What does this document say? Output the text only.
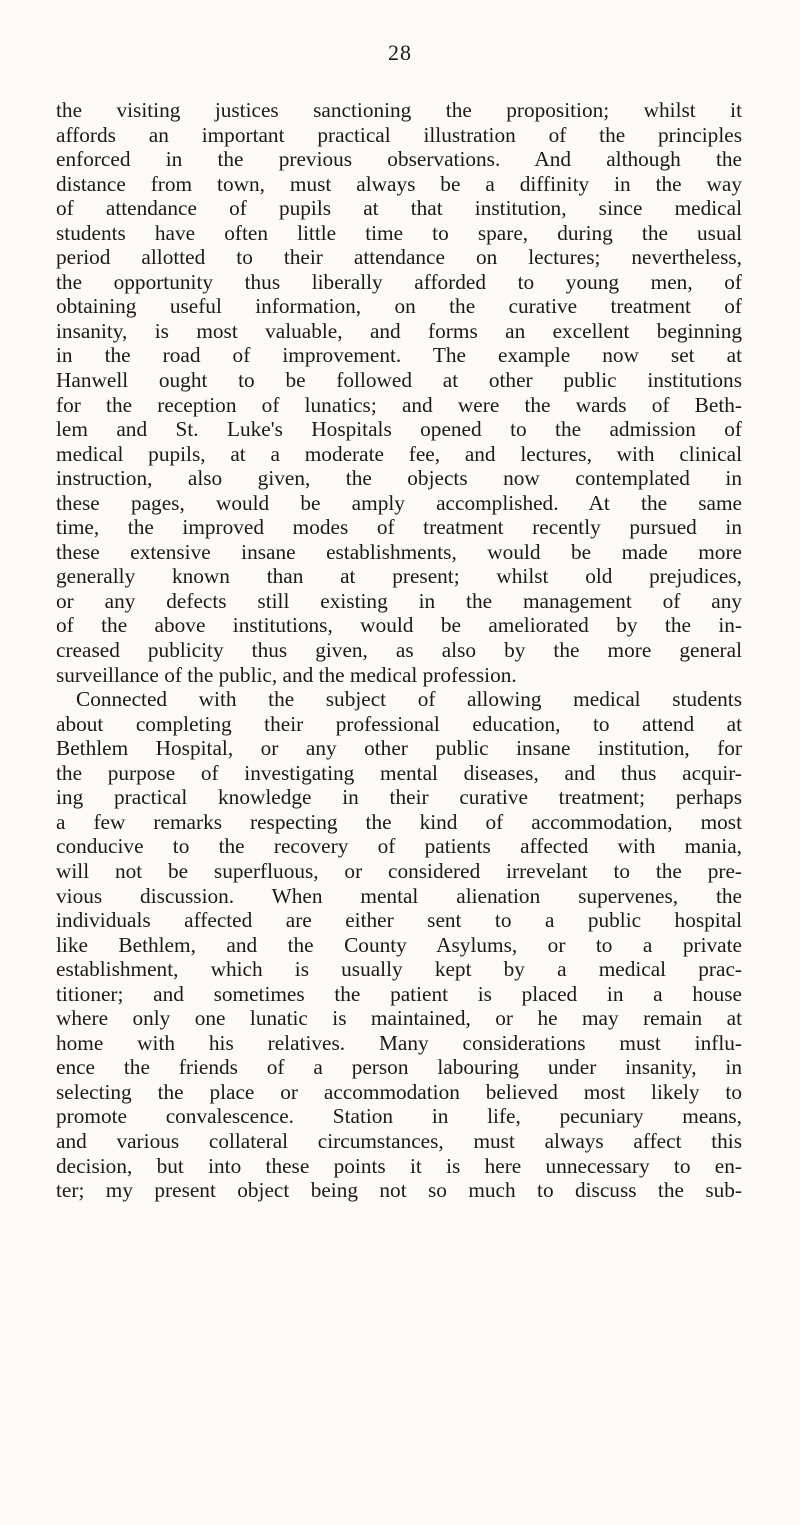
28
the visiting justices sanctioning the proposition; whilst it
affords an important practical illustration of the principles
enforced in the previous observations. And although the
distance from town, must always be a diffinity in the way
of attendance of pupils at that institution, since medical
students have often little time to spare, during the usual
period allotted to their attendance on lectures; nevertheless,
the opportunity thus liberally afforded to young men, of
obtaining useful information, on the curative treatment of
insanity, is most valuable, and forms an excellent beginning
in the road of improvement. The example now set at
Hanwell ought to be followed at other public institutions
for the reception of lunatics; and were the wards of Beth-
lem and St. Luke's Hospitals opened to the admission of
medical pupils, at a moderate fee, and lectures, with clinical
instruction, also given, the objects now contemplated in
these pages, would be amply accomplished. At the same
time, the improved modes of treatment recently pursued in
these extensive insane establishments, would be made more
generally known than at present; whilst old prejudices,
or any defects still existing in the management of any
of the above institutions, would be ameliorated by the in-
creased publicity thus given, as also by the more general
surveillance of the public, and the medical profession.
Connected with the subject of allowing medical students
about completing their professional education, to attend at
Bethlem Hospital, or any other public insane institution, for
the purpose of investigating mental diseases, and thus acquir-
ing practical knowledge in their curative treatment; perhaps
a few remarks respecting the kind of accommodation, most
conducive to the recovery of patients affected with mania,
will not be superfluous, or considered irrevelant to the pre-
vious discussion. When mental alienation supervenes, the
individuals affected are either sent to a public hospital
like Bethlem, and the County Asylums, or to a private
establishment, which is usually kept by a medical prac-
titioner; and sometimes the patient is placed in a house
where only one lunatic is maintained, or he may remain at
home with his relatives. Many considerations must influ-
ence the friends of a person labouring under insanity, in
selecting the place or accommodation believed most likely to
promote convalescence. Station in life, pecuniary means,
and various collateral circumstances, must always affect this
decision, but into these points it is here unnecessary to en-
ter; my present object being not so much to discuss the sub-
